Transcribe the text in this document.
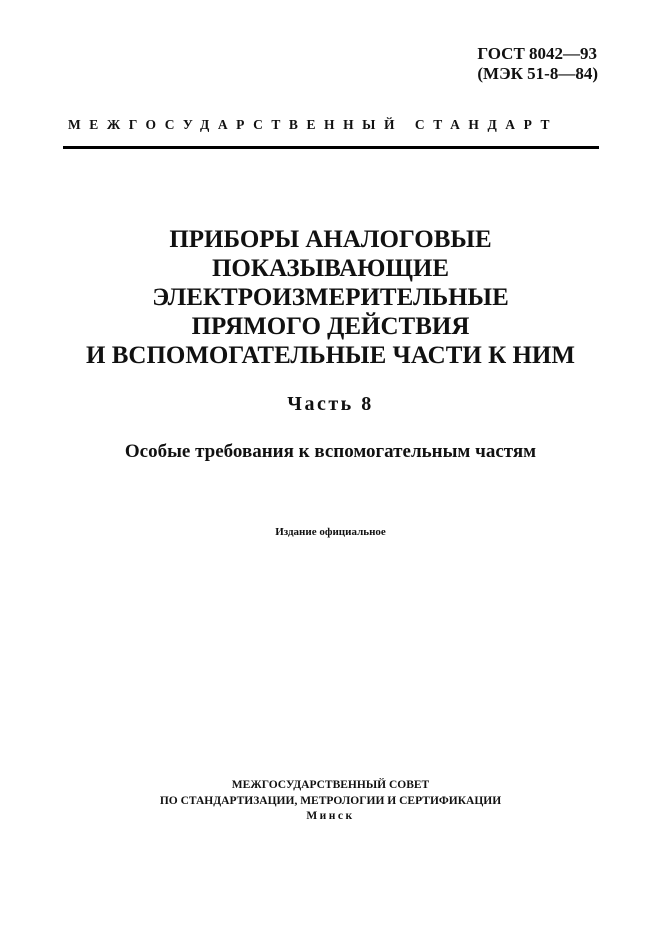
ГОСТ 8042—93
(МЭК 51-8—84)
МЕЖГОСУДАРСТВЕННЫЙ СТАНДАРТ
ПРИБОРЫ АНАЛОГОВЫЕ
ПОКАЗЫВАЮЩИЕ
ЭЛЕКТРОИЗМЕРИТЕЛЬНЫЕ
ПРЯМОГО ДЕЙСТВИЯ
И ВСПОМОГАТЕЛЬНЫЕ ЧАСТИ К НИМ
Часть 8
Особые требования к вспомогательным частям
Издание официальное
МЕЖГОСУДАРСТВЕННЫЙ СОВЕТ
ПО СТАНДАРТИЗАЦИИ, МЕТРОЛОГИИ И СЕРТИФИКАЦИИ
Минск
